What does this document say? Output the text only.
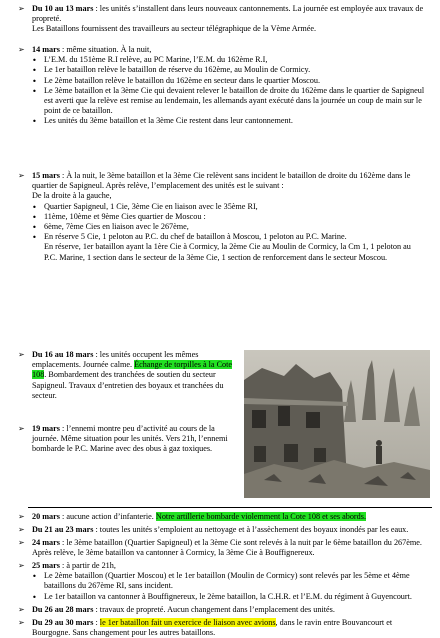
➢ Du 10 au 13 mars : les unités s’installent dans leurs nouveaux cantonnements. La journée est employée aux travaux de propreté.

Les Bataillons fournissent des travailleurs au secteur télégraphique de la Vème Armée.

➢ 14 mars : même situation. À la nuit,

• L’E.M. du 151ème R.I relève, au PC Marine, l’E.M. du 162ème R.I,
• Le 1er bataillon relève le bataillon de réserve du 162ème, au Moulin de Cormicy.
• Le 2ème bataillon relève le bataillon du 162ème en secteur dans le quartier Moscou.
• Le 3ème bataillon et la 3ème Cie qui devaient relever le bataillon de droite du 162ème dans le quartier de Sapigneul est averti que la relève est remise au lendemain, les allemands ayant exécuté dans la journée un coup de main sur le point de ce bataillon.
• Les unités du 3ème bataillon et la 3ème Cie restent dans leur cantonnement.
➢ 15 mars : À la nuit, le 3ème bataillon et la 3ème Cie relèvent sans incident le bataillon de droite du 162ème dans le quartier de Sapigneul. Après relève, l’emplacement des unités est le suivant :

De la droite à la gauche,

• Quartier Sapigneul, 1 Cie, 3ème Cie en liaison avec le 35ème RI,
• 11ème, 10ème et 9ème Cies quartier de Moscou :
• 6ème, 7ème Cies en liaison avec le 267ème,
• En réserve 5 Cie, 1 peloton au P.C. du chef de bataillon à Moscou, 1 peloton au P.C. Marine.

En réserve, 1er bataillon ayant la 1ère Cie à Cormicy, la 2ème Cie au Moulin de Cormicy, la Cm 1, 1 peloton au P.C. Marine, 1 section dans le secteur de la 3ème Cie, 1 section de renforcement dans le secteur Moscou.

➢ Du 16 au 18 mars : les unités occupent les mêmes emplacements. Journée calme. Échange de torpilles à la Cote 108. Bombardement des tranchées de soutien du secteur Sapigneul. Travaux d’entretien des boyaux et tranchées du secteur.

➢ 19 mars : l’ennemi montre peu d’activité au cours de la journée. Même situation pour les unités. Vers 21h, l’ennemi bombarde le P.C. Marine avec des obus à gaz toxiques.

➢ 20 mars : aucune action d’infanterie. Notre artillerie bombarde violemment la Cote 108 et ses abords.

➢ Du 21 au 23 mars : toutes les unités s’emploient au nettoyage et à l’assèchement des boyaux inondés par les eaux.

➢ 24 mars : le 3ème bataillon (Quartier Sapigneul) et la 3ème Cie sont relevés à la nuit par le 6ème bataillon du 267ème. Après relève, le 3ème bataillon va cantonner à Cormicy, la 3ème Cie à Bouffignereux.

➢ 25 mars : à partir de 21h,

• Le 2ème bataillon (Quartier Moscou) et le 1er bataillon (Moulin de Cormicy) sont relevés par les 5ème et 4ème bataillons du 267ème RI, sans incident.
• Le 1er bataillon va cantonner à Bouffignereux, le 2ème bataillon, la C.H.R. et l’E.M. du régiment à Guyencourt.
➢ Du 26 au 28 mars : travaux de propreté. Aucun changement dans l’emplacement des unités.

➢ Du 29 au 30 mars : le 1er bataillon fait un exercice de liaison avec avions, dans le ravin entre Bouvancourt et Bourgogne. Sans changement pour les autres bataillons.
